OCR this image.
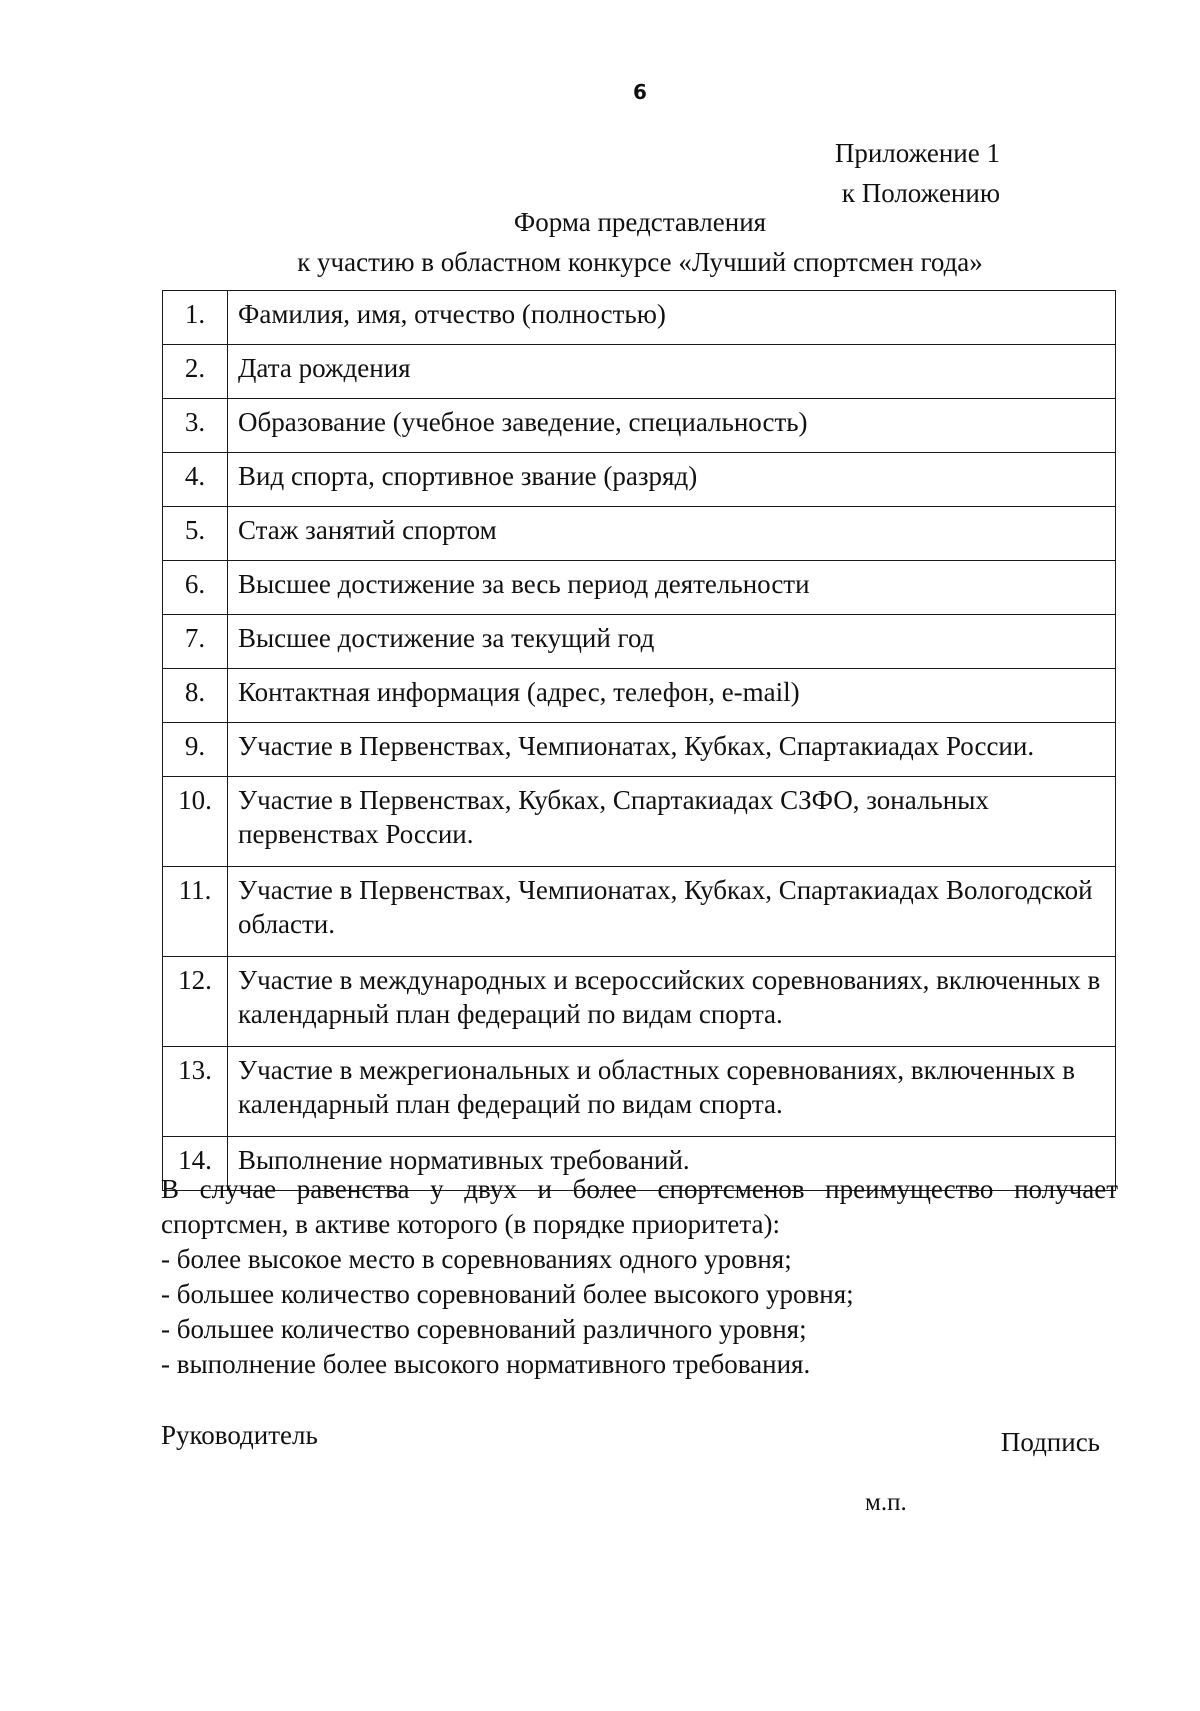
6
Приложение 1
к Положению
Форма представления
к участию в областном конкурсе «Лучший спортсмен года»
1.	Фамилия, имя, отчество (полностью)
2.	Дата рождения
3.	Образование (учебное заведение, специальность)
4.	Вид спорта, спортивное звание (разряд)
5.	Стаж занятий спортом
6.	Высшее достижение за весь период деятельности
7.	Высшее достижение за текущий год
8.	Контактная информация (адрес, телефон, e-mail)
9.	Участие в Первенствах, Чемпионатах, Кубках, Спартакиадах России.
10.	Участие в Первенствах, Кубках, Спартакиадах СЗФО, зональных первенствах России.
11.	Участие в Первенствах, Чемпионатах, Кубках, Спартакиадах Вологодской области.
12.	Участие в международных и всероссийских соревнованиях, включенных в календарный план федераций по видам спорта.
13.	Участие в межрегиональных и областных соревнованиях, включенных в календарный план федераций по видам спорта.
14.	Выполнение нормативных требований.

В случае равенства у двух и более спортсменов преимущество получает спортсмен, в активе которого (в порядке приоритета):

- более высокое место в соревнованиях одного уровня;
- большее количество соревнований более высокого уровня;
- большее количество соревнований различного уровня;
- выполнение более высокого нормативного требования.
Руководитель	Подпись
м.п.
